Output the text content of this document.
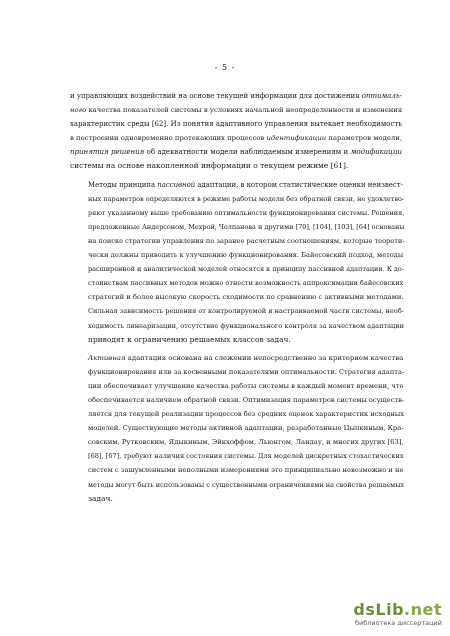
- 5 -

и управляющих воздействий на основе текущей информации для достижения оптималь-
ного качества показателей системы в условиях начальной неопределенности и изменения
характеристик среды [62]. Из понятия адаптивного управления вытекает необходимость
в построении одновременно протекающих процессов идентификации параметров модели,
принятия решения об адекватности модели наблюдаемым измерениям и модификации
системы на основе накопленной информации о текущем режиме [61].

Методы принципа пассивной адаптации, в котором статистические оценки неизвест-
ных параметров определяются в режиме работы модели без обратной связи, не удовлетво-
ряют указанному выше требованию оптимальности функционирования системы. Решения,
предложенные Андерсоном, Мехрой, Челпанова и другими [70], [104], [103], [64] основаны
на поиске стратегии управления по заранее расчетным соотношениям, которые теорети-
чески должны приводить к улучшению функционирования. Байесовский подход, методы
расширенной и аналитической моделей относятся к принципу пассивной адаптации. К до-
стоинствам пассивных методов можно отнести возможность аппроксимации байесовских
стратегий и более высокую скорость сходимости по сравнению с активными методами.
Сильная зависимость решения от контролируемой и настраиваемой части системы, необ-
ходимость линеаризации, отсутствие функционального контроля за качеством адаптации
приводят к ограничению решаемых классов задач.

Активная адаптация основана на слежении непосредственно за критерием качества
функционирования или за косвенными показателями оптимальности. Стратегия адапта-
ции обеспечивает улучшение качества работы системы в каждый момент времени, что
обеспечивается наличием обратной связи. Оптимизация параметров системы осуществ-
ляется для текущей реализации процессов без средних оценок характеристик исходных
моделей. Существующие методы активной адаптации, разработанные Цыпкиным, Кра-
совским, Рутковским, Ядыкиным, Эйкхоффом, Льюнгом, Ландау, и многих других [63],
[68], [67], требуют наличия состояния системы. Для моделей дискретных стохастических
систем с зашумленными неполными измерениями это принципиально невозможно и не
методы могут быть использованы с существенными ограничениями на свойства решаемых
задач.

dsLib.net
библиотека диссертаций
